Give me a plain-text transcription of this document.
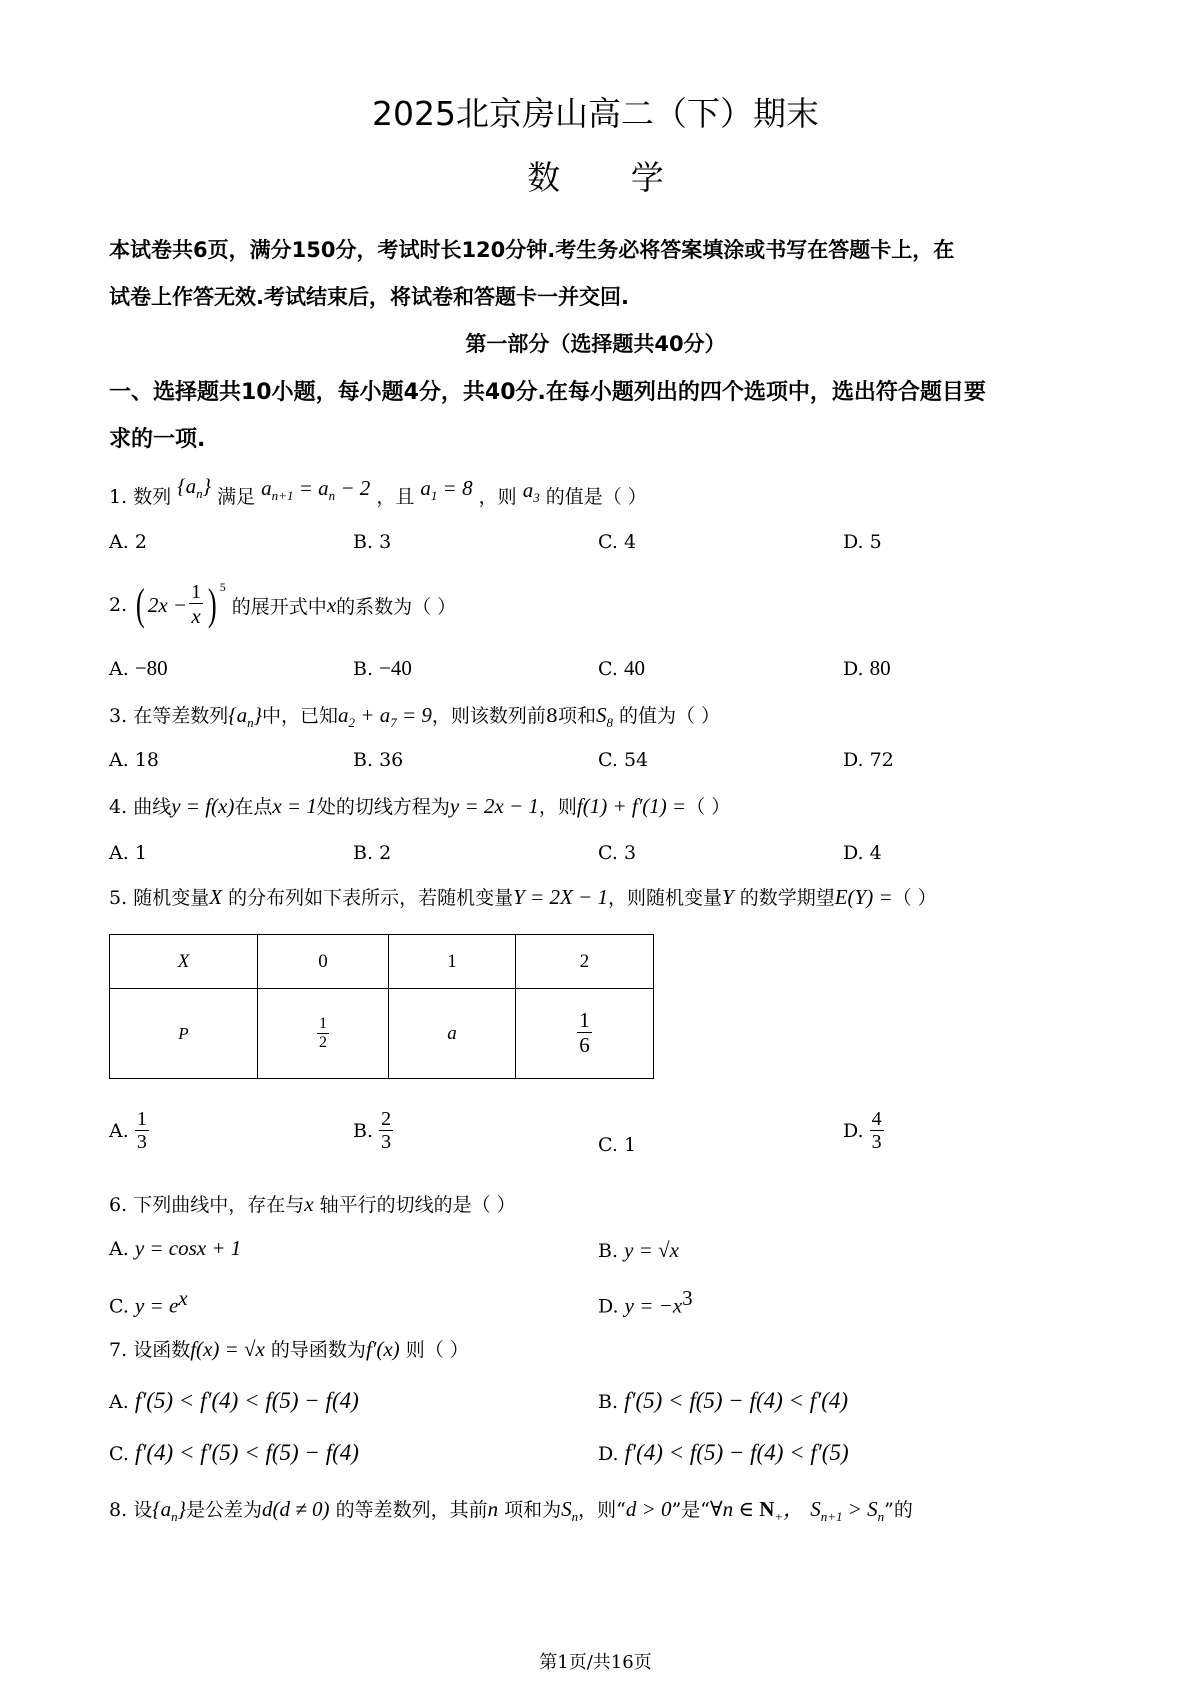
2025北京房山高二（下）期末
数 学
本试卷共6页，满分150分，考试时长120分钟.考生务必将答案填涂或书写在答题卡上，在
试卷上作答无效.考试结束后，将试卷和答题卡一并交回.
第一部分（选择题共40分）
一、选择题共10小题，每小题4分，共40分.在每小题列出的四个选项中，选出符合题目要
求的一项.
1. 数列 $\{a_n\}$ 满足 $a_{n+1} = a_n - 2$ ，且 $a_1 = 8$ ，则 $a_3$ 的值是（ ）
A. 2	B. 3	C. 4	D. 5
2.
( $2x - \frac{1}{x} )^5$

的展开式中 x 的系数为（ ）
A. −80	B. −40	C. 40	D. 80
3. 在等差数列$\{a_n\}$中，已知$a_2 + a_7 = 9$，则该数列前8项和$S_8$ 的值为（ ）
A. 18	B. 36	C. 54	D. 72
4. 曲线y = f(x)在点x = 1处的切线方程为y = 2x − 1，则f(1) + f′(1) =（ ）
A. 1	B. 2	C. 3	D. 4
5. 随机变量X 的分布列如下表所示，若随机变量Y = 2X − 1，则随机变量Y 的数学期望E(Y) =（ ）
X	0	1	2
P	$\frac{1}{2}$	a	$\frac{1}{6}$
A.
$\frac{1}{3}$	B.
$\frac{2}{3}$	C. 1
D.
$\frac{4}{3}$
6. 下列曲线中，存在与x 轴平行的切线的是（ ）
A. y = cosx + 1	B. y = √x
C. $y = e^x$	D. $y = -x^3$
7. 设函数f(x) = √x 的导函数为f′(x) 则（ ）
A. f′(5) < f′(4) < f(5) − f(4)	B. f′(5) < f(5) − f(4) < f′(4)
C. f′(4) < f′(5) < f(5) − f(4)	D. f′(4) < f(5) − f(4) < f′(5)
8. 设$\{a_n\}$是公差为d(d ≠ 0) 的等差数列，其前n 项和为$S_n$，则“d > 0”是“∀n ∈ $N_+$， $S_{n+1} > S_n$”的
第1页/共16页
